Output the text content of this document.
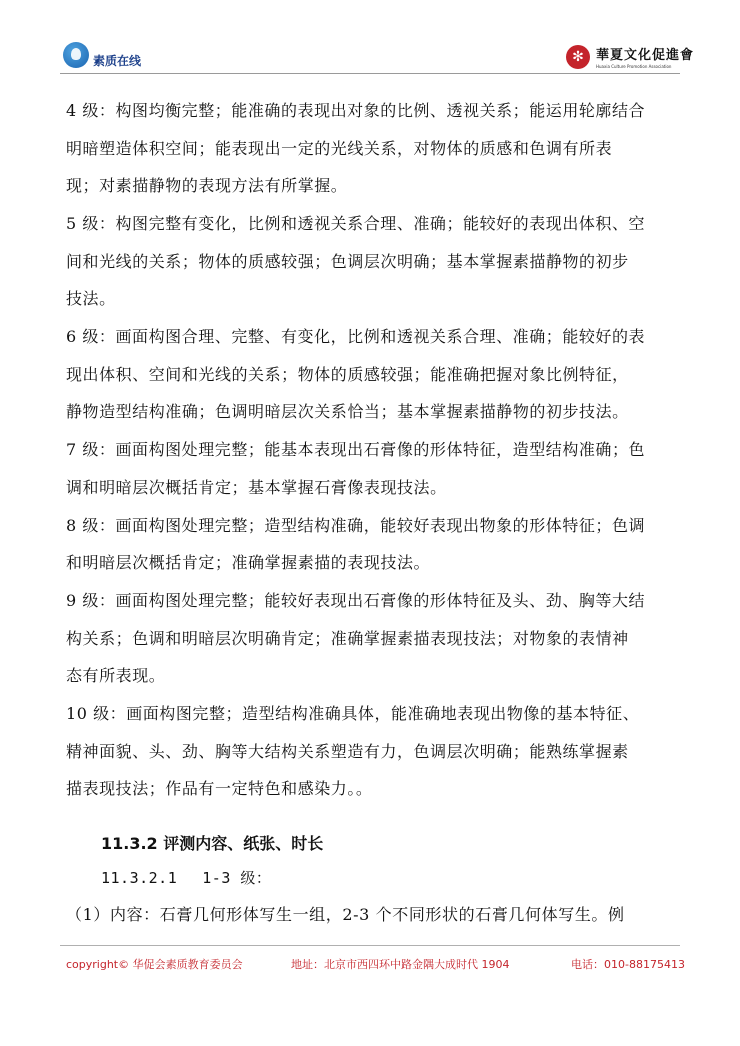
素质在线	✻ 華夏文化促進會
Huaxia Culture Promotion Association
4 级：构图均衡完整；能准确的表现出对象的比例、透视关系；能运用轮廓结合
明暗塑造体积空间；能表现出一定的光线关系，对物体的质感和色调有所表
现；对素描静物的表现方法有所掌握。
5 级：构图完整有变化，比例和透视关系合理、准确；能较好的表现出体积、空
间和光线的关系；物体的质感较强；色调层次明确；基本掌握素描静物的初步
技法。
6 级：画面构图合理、完整、有变化，比例和透视关系合理、准确；能较好的表
现出体积、空间和光线的关系；物体的质感较强；能准确把握对象比例特征，
静物造型结构准确；色调明暗层次关系恰当；基本掌握素描静物的初步技法。
7 级：画面构图处理完整；能基本表现出石膏像的形体特征，造型结构准确；色
调和明暗层次概括肯定；基本掌握石膏像表现技法。
8 级：画面构图处理完整；造型结构准确，能较好表现出物象的形体特征；色调
和明暗层次概括肯定；准确掌握素描的表现技法。
9 级：画面构图处理完整；能较好表现出石膏像的形体特征及头、劲、胸等大结
构关系；色调和明暗层次明确肯定；准确掌握素描表现技法；对物象的表情神
态有所表现。
10 级：画面构图完整；造型结构准确具体，能准确地表现出物像的基本特征、
精神面貌、头、劲、胸等大结构关系塑造有力，色调层次明确；能熟练掌握素
描表现技法；作品有一定特色和感染力。。
11.3.2 评测内容、纸张、时长
11.3.2.1　 1-3 级：
（1）内容：石膏几何形体写生一组，2-3 个不同形状的石膏几何体写生。例
copyright© 华促会素质教育委员会	地址：北京市西四环中路金隅大成时代 1904	电话：010-88175413
